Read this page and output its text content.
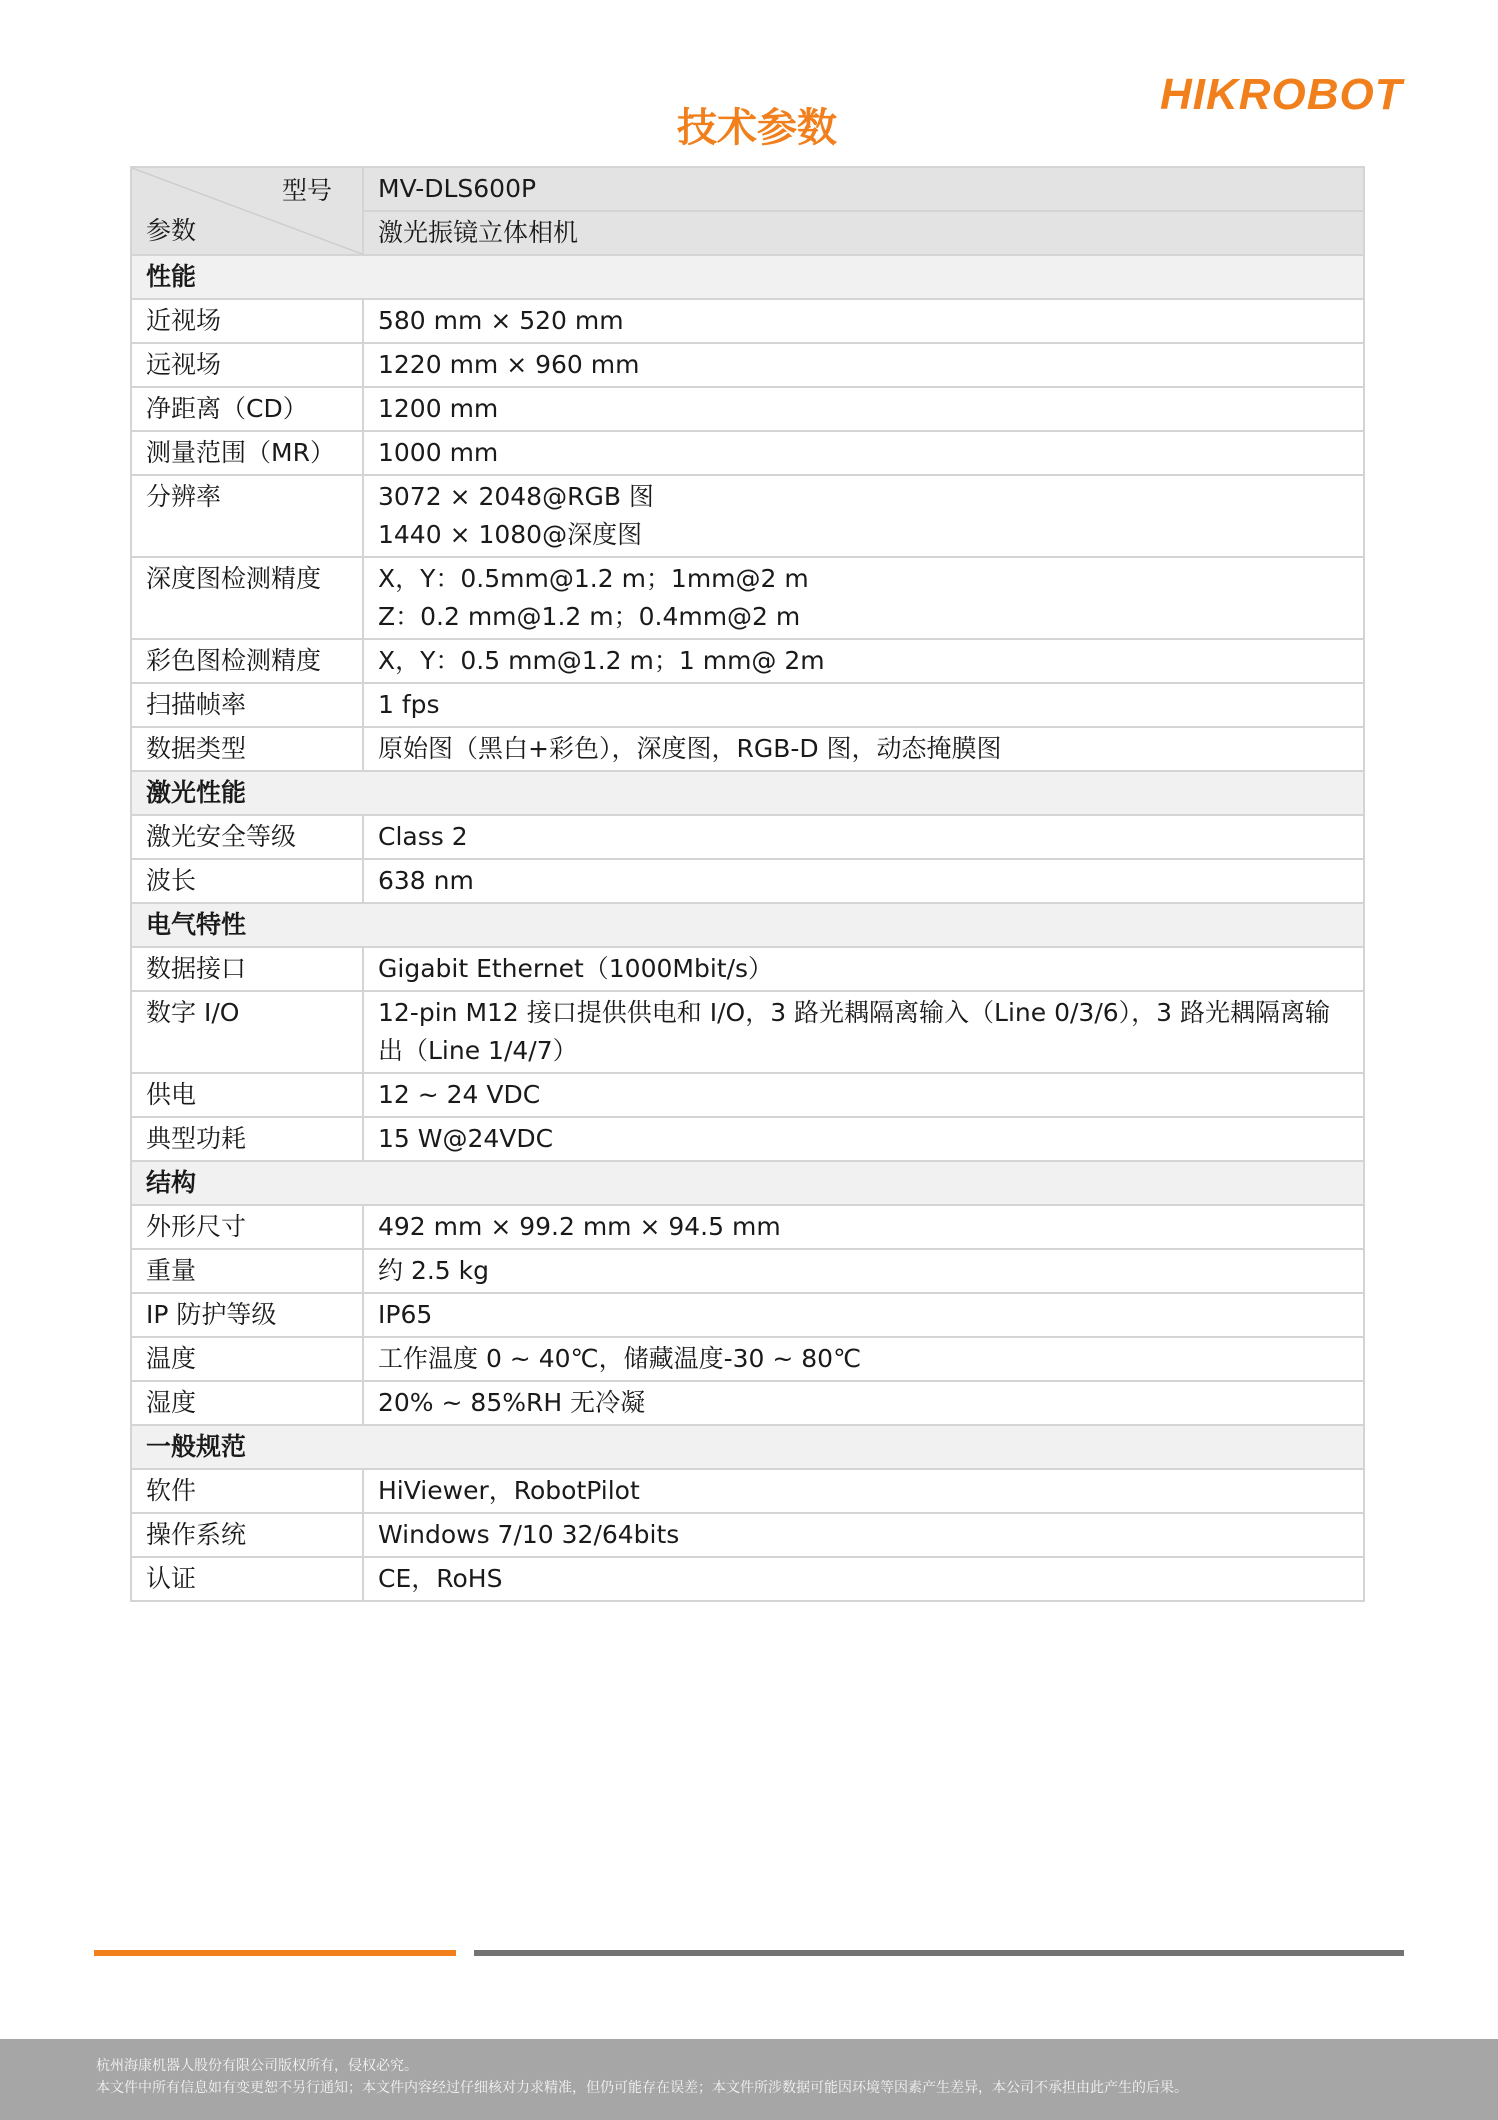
HIKROBOT
技术参数
型号
参数	MV-DLS600P
	激光振镜立体相机
性能	
近视场	580 mm × 520 mm

远视场	1220 mm × 960 mm

净距离（CD）	1200 mm

测量范围（MR）	1000 mm

分辨率	3072 × 2048@RGB 图
1440 × 1080@深度图

深度图检测精度	X，Y：0.5mm@1.2 m；1mm@2 m
Z：0.2 mm@1.2 m；0.4mm@2 m

彩色图检测精度	X，Y：0.5 mm@1.2 m；1 mm@ 2m

扫描帧率	1 fps

数据类型	原始图（黑白+彩色），深度图，RGB-D 图，动态掩膜图

激光性能	
激光安全等级	Class 2

波长	638 nm

电气特性	
数据接口	Gigabit Ethernet（1000Mbit/s）

数字 I/O	12-pin M12 接口提供供电和 I/O，3 路光耦隔离输入（Line 0/3/6），3 路光耦隔离输
出（Line 1/4/7）

供电	12 ~ 24 VDC

典型功耗	15 W@24VDC

结构	
外形尺寸	492 mm × 99.2 mm × 94.5 mm

重量	约 2.5 kg

IP 防护等级	IP65

温度	工作温度 0 ~ 40℃，储藏温度-30 ~ 80℃

湿度	20% ~ 85%RH 无冷凝

一般规范	
软件	HiViewer，RobotPilot

操作系统	Windows 7/10 32/64bits

认证	CE，RoHS
杭州海康机器人股份有限公司版权所有，侵权必究。
本文件中所有信息如有变更恕不另行通知；本文件内容经过仔细核对力求精准，但仍可能存在误差；本文件所涉数据可能因环境等因素产生差异，本公司不承担由此产生的后果。
